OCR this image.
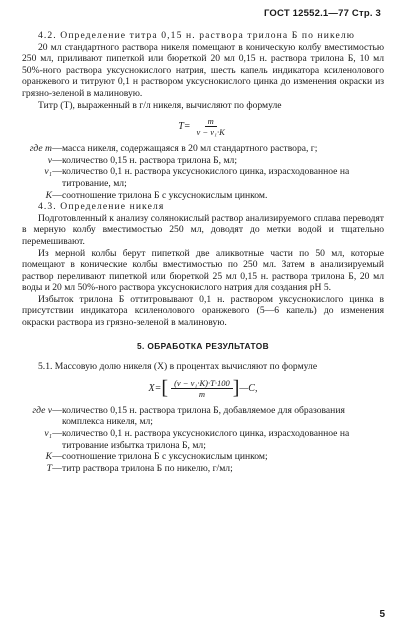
ГОСТ 12552.1—77 Стр. 3

4.2. Определение титра 0,15 н. раствора трилона Б по никелю

20 мл стандартного раствора никеля помещают в коническую колбу вместимостью 250 мл, приливают пипеткой или бюреткой 20 мл 0,15 н. раствора трилона Б, 10 мл 50%-ного раствора уксуснокислого натрия, шесть капель индикатора ксиленолового оранжевого и титруют 0,1 н раствором уксуснокислого цинка до изменения окраски из грязно-зеленой в малиновую.

Титр (T), выраженный в г/л никеля, вычисляют по формуле

$T= \frac{m}{\text{v − v₁·K}}$
где m — масса никеля, содержащаяся в 20 мл стандартного раствора, г;
v — количество 0,15 н. раствора трилона Б, мл;
v₁ — количество 0,1 н. раствора уксуснокислого цинка, израсходованное на титрование, мл;
K — соотношение трилона Б с уксуснокислым цинком.

4.3. Определение никеля

Подготовленный к анализу солянокислый раствор анализируемого сплава переводят в мерную колбу вместимостью 250 мл, доводят до метки водой и тщательно перемешивают.

Из мерной колбы берут пипеткой две аликвотные части по 50 мл, которые помещают в конические колбы вместимостью по 250 мл. Затем в анализируемый раствор переливают пипеткой или бюреткой 25 мл 0,15 н. раствора трилона Б, 20 мл воды и 20 мл 50%-ного раствора уксуснокислого натрия для создания pH 5.

Избыток трилона Б оттитровывают 0,1 н. раствором уксуснокислого цинка в присутствии индикатора ксиленолового оранжевого (5—6 капель) до изменения окраски раствора из грязно-зеленой в малиновую.

5. ОБРАБОТКА РЕЗУЛЬТАТОВ

5.1. Массовую долю никеля (X) в процентах вычисляют по формуле

X= [ $\frac{\text{(v − v₁·K)·T·100}}{m}$ ] —C,
где v — количество 0,15 н. раствора трилона Б, добавляемое для образования комплекса никеля, мл;
v₁ — количество 0,1 н. раствора уксуснокислого цинка, израсходованное на титрование избытка трилона Б, мл;
K — соотношение трилона Б с уксуснокислым цинком;
T — титр раствора трилона Б по никелю, г/мл;
5
